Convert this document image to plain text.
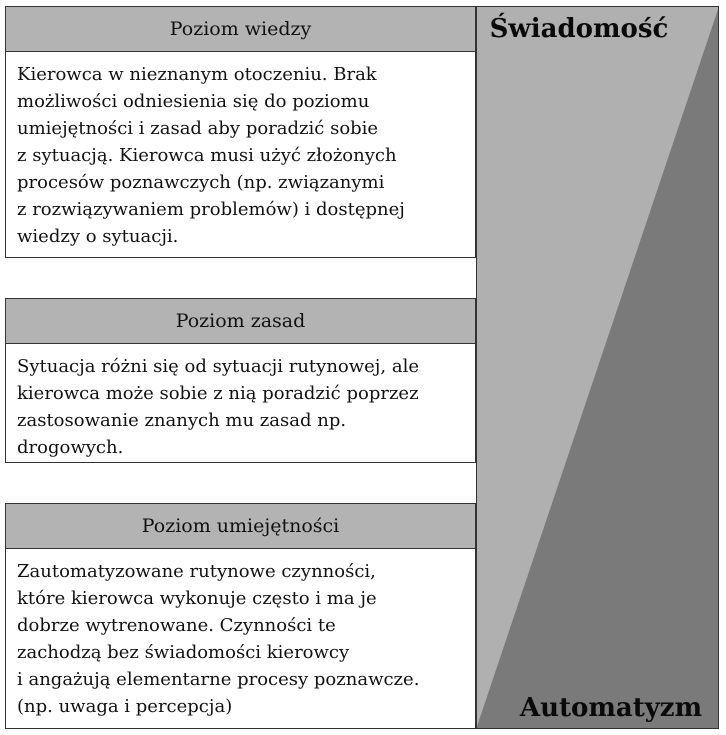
Poziom wiedzy
Kierowca w nieznanym otoczeniu. Brak
możliwości odniesienia się do poziomu
umiejętności i zasad aby poradzić sobie
z sytuacją. Kierowca musi użyć złożonych
procesów poznawczych (np. związanymi
z rozwiązywaniem problemów) i dostępnej
wiedzy o sytuacji.
Poziom zasad
Sytuacja różni się od sytuacji rutynowej, ale
kierowca może sobie z nią poradzić poprzez
zastosowanie znanych mu zasad np.
drogowych.
Poziom umiejętności
Zautomatyzowane rutynowe czynności,
które kierowca wykonuje często i ma je
dobrze wytrenowane. Czynności te
zachodzą bez świadomości kierowcy
i angażują elementarne procesy poznawcze.
(np. uwaga i percepcja)
Świadomość
Automatyzm
